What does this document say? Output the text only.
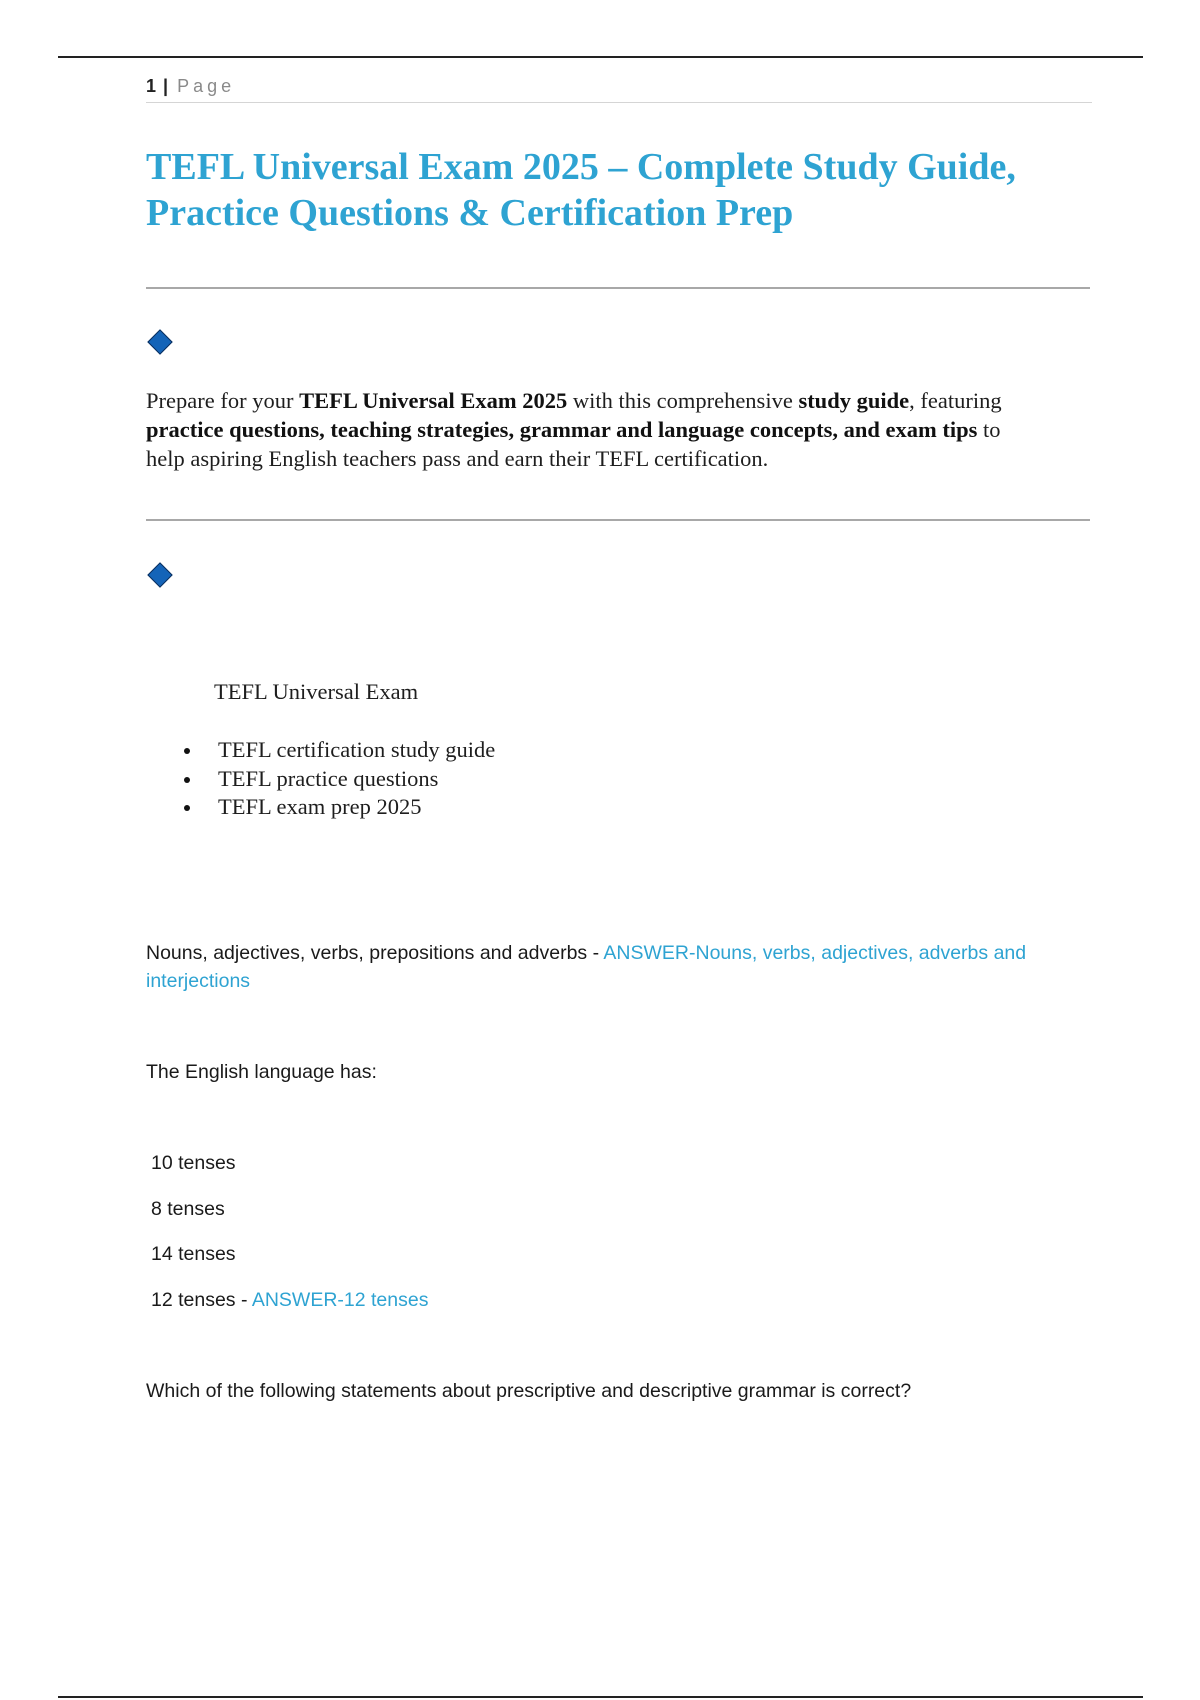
1 | Page
TEFL Universal Exam 2025 – Complete Study Guide,
Practice Questions & Certification Prep

Prepare for your TEFL Universal Exam 2025 with this comprehensive study guide, featuring
practice questions, teaching strategies, grammar and language concepts, and exam tips to
help aspiring English teachers pass and earn their TEFL certification.

TEFL Universal Exam
TEFL certification study guide
TEFL practice questions
TEFL exam prep 2025
Nouns, adjectives, verbs, prepositions and adverbs - ANSWER-Nouns, verbs, adjectives, adverbs and
interjections
The English language has:
10 tenses
8 tenses
14 tenses
12 tenses - ANSWER-12 tenses
Which of the following statements about prescriptive and descriptive grammar is correct?
